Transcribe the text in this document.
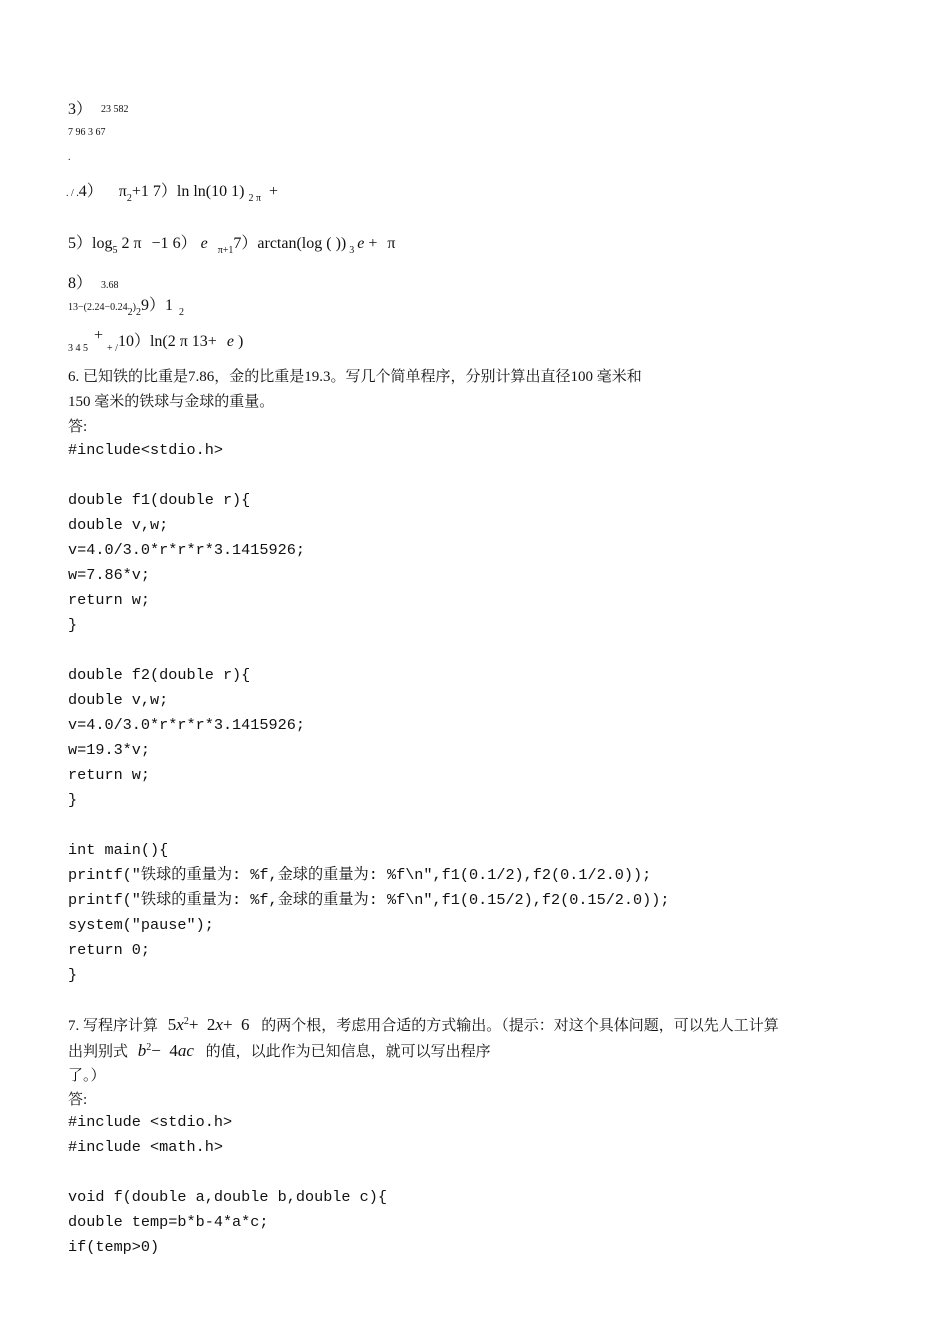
3） 23 582
7 96 3 67
.
. / .4） $\pi_2+1$ 7）ln ln(10 1) $_{2 \pi}$ +
$5)\log_5$ 2 π −1 6） e $_{\pi+1}$7）arctan(log ( )) $_3$ e + π
8） 3.68
$13-(2.24-0.24_2)_29)1$ $_2$
$_{3 4 5}+_{+ /}10)\ln(2$ π 13+ e )
6. 已知铁的比重是7.86，金的比重是19.3。写几个简单程序，分别计算出直径100 毫米和
150 毫米的铁球与金球的重量。
答:
#include<stdio.h>

double f1(double r){
double v,w;
v=4.0/3.0*r*r*r*3.1415926;
w=7.86*v;
return w;
}

double f2(double r){
double v,w;
v=4.0/3.0*r*r*r*3.1415926;
w=19.3*v;
return w;
}

int main(){
printf("铁球的重量为: %f,金球的重量为: %f\n",f1(0.1/2),f2(0.1/2.0));
printf("铁球的重量为: %f,金球的重量为: %f\n",f1(0.15/2),f2(0.15/2.0));
system("pause");
return 0;
}
7. 写程序计算 $5x^2+ 2x+ 6$ 的两个根，考虑用合适的方式输出。（提示：对这个具体问题，可以先人工计算
出判别式 $b^2- 4ac$ 的值，以此作为已知信息，就可以写出程序
了。）
答:
#include <stdio.h>
#include <math.h>

void f(double a,double b,double c){
double temp=b*b-4*a*c;
if(temp>0)
